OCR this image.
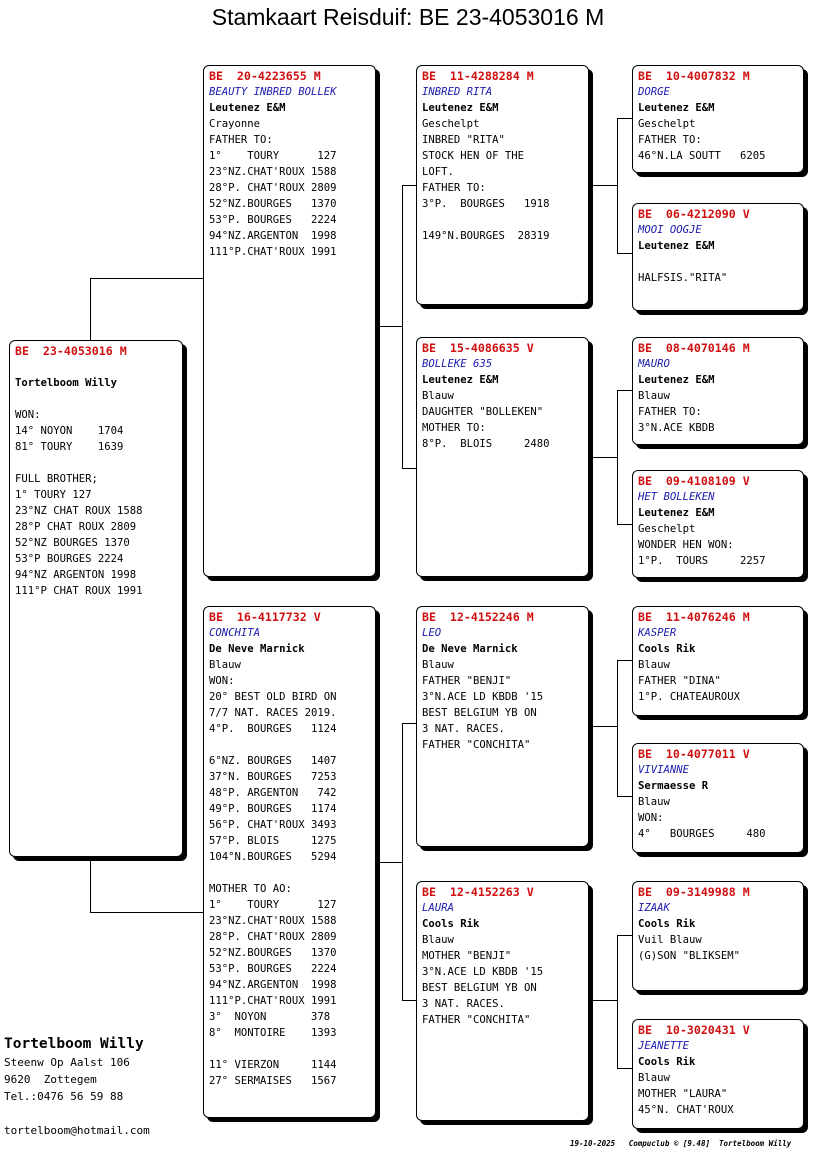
Stamkaart Reisduif: BE 23-4053016 M
BE  23-4053016 M
Tortelboom Willy
WON:
14° NOYON    1704
81° TOURY    1639
FULL BROTHER;
1° TOURY 127
23°NZ CHAT ROUX 1588
28°P CHAT ROUX 2809
52°NZ BOURGES 1370
53°P BOURGES 2224
94°NZ ARGENTON 1998
111°P CHAT ROUX 1991
BE  20-4223655 M
BEAUTY INBRED BOLLEK
Leutenez E&M
Crayonne
FATHER TO:
1°    TOURY      127
23°NZ.CHAT'ROUX 1588
28°P. CHAT'ROUX 2809
52°NZ.BOURGES   1370
53°P. BOURGES   2224
94°NZ.ARGENTON  1998
111°P.CHAT'ROUX 1991
BE  16-4117732 V
CONCHITA
De Neve Marnick
Blauw
WON:
20° BEST OLD BIRD ON
7/7 NAT. RACES 2019.
4°P.  BOURGES   1124
6°NZ. BOURGES   1407
37°N. BOURGES   7253
48°P. ARGENTON   742
49°P. BOURGES   1174
56°P. CHAT'ROUX 3493
57°P. BLOIS     1275
104°N.BOURGES   5294
MOTHER TO AO:
1°    TOURY      127
23°NZ.CHAT'ROUX 1588
28°P. CHAT'ROUX 2809
52°NZ.BOURGES   1370
53°P. BOURGES   2224
94°NZ.ARGENTON  1998
111°P.CHAT'ROUX 1991
3°  NOYON       378
8°  MONTOIRE    1393
11° VIERZON     1144
27° SERMAISES   1567
BE  11-4288284 M
INBRED RITA
Leutenez E&M
Geschelpt
INBRED "RITA"
STOCK HEN OF THE
LOFT.
FATHER TO:
3°P.  BOURGES   1918
149°N.BOURGES  28319
BE  15-4086635 V
BOLLEKE 635
Leutenez E&M
Blauw
DAUGHTER "BOLLEKEN"
MOTHER TO:
8°P.  BLOIS     2480
BE  12-4152246 M
LEO
De Neve Marnick
Blauw
FATHER "BENJI"
3°N.ACE LD KBDB '15
BEST BELGIUM YB ON
3 NAT. RACES.
FATHER "CONCHITA"
BE  12-4152263 V
LAURA
Cools Rik
Blauw
MOTHER "BENJI"
3°N.ACE LD KBDB '15
BEST BELGIUM YB ON
3 NAT. RACES.
FATHER "CONCHITA"
BE  10-4007832 M
DORGE
Leutenez E&M
Geschelpt
FATHER TO:
46°N.LA SOUTT   6205
BE  06-4212090 V
MOOI OOGJE
Leutenez E&M
HALFSIS."RITA"
BE  08-4070146 M
MAURO
Leutenez E&M
Blauw
FATHER TO:
3°N.ACE KBDB
BE  09-4108109 V
HET BOLLEKEN
Leutenez E&M
Geschelpt
WONDER HEN WON:
1°P.  TOURS     2257
BE  11-4076246 M
KASPER
Cools Rik
Blauw
FATHER "DINA"
1°P. CHATEAUROUX
BE  10-4077011 V
VIVIANNE
Sermaesse R
Blauw
WON:
4°   BOURGES     480
BE  09-3149988 M
IZAAK
Cools Rik
Vuil Blauw
(G)SON "BLIKSEM"
BE  10-3020431 V
JEANETTE
Cools Rik
Blauw
MOTHER "LAURA"
45°N. CHAT'ROUX
Tortelboom Willy
Steenw Op Aalst 106
9620  Zottegem
Tel.:0476 56 59 88
tortelboom@hotmail.com
19-10-2025 Compuclub © [9.48] Tortelboom Willy
